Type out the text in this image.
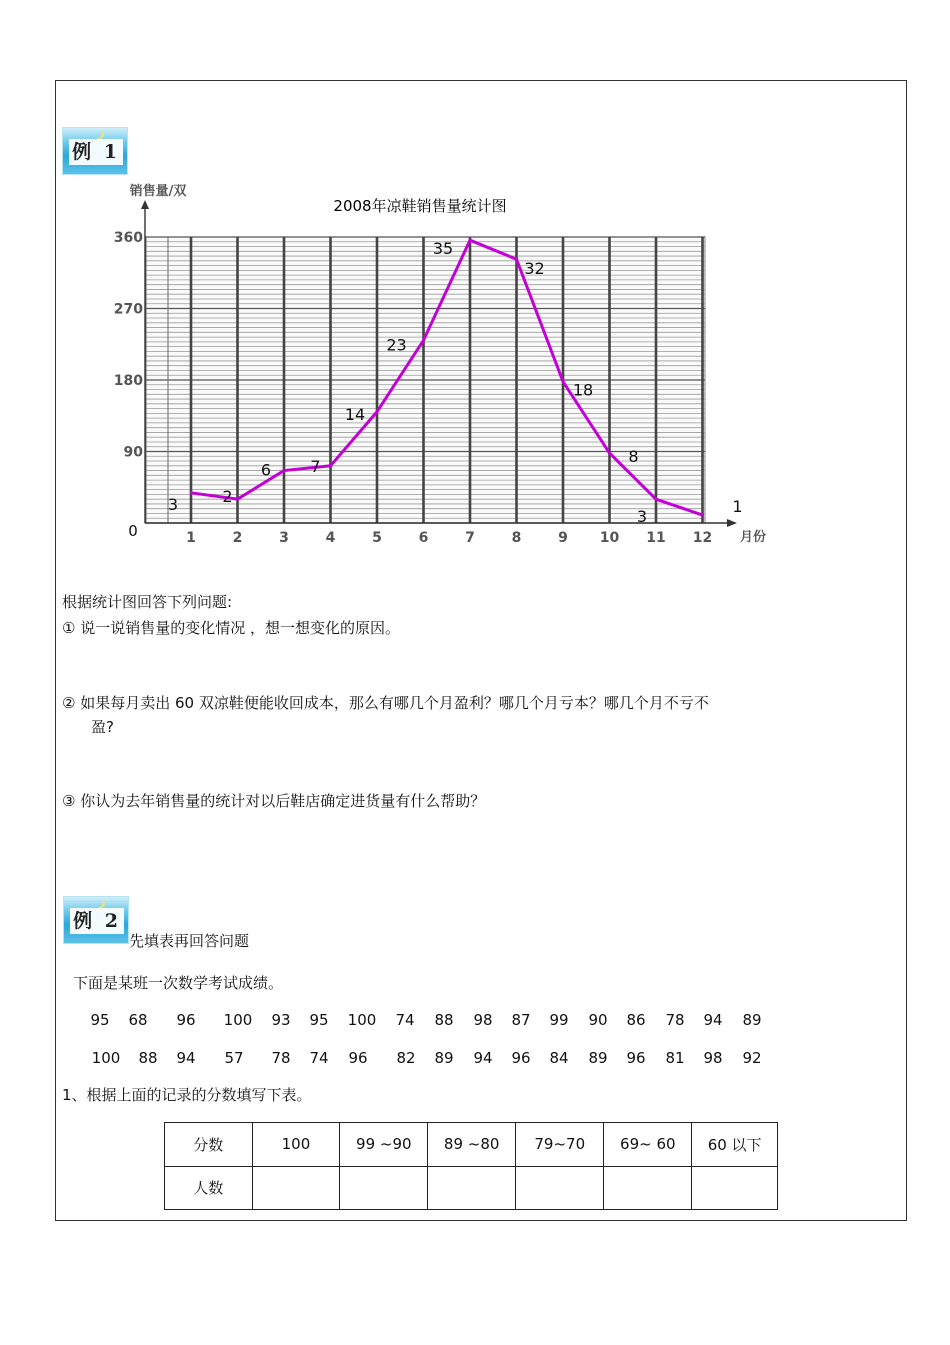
例 1
0
90
180
270
360
1	2	3	4	5	6	7	8	9 10 11 12
3	2
6 7
14
23
35
32
18
8
3
1
2008年凉鞋销售量统计图
销售量/双
月份
根据统计图回答下列问题:
① 说一说销售量的变化情况 ，想一想变化的原因。
② 如果每月卖出 60 双凉鞋便能收回成本，那么有哪几个月盈利？哪几个月亏本？哪几个月不亏不
盈?
③ 你认为去年销售量的统计对以后鞋店确定进货量有什么帮助？
例 2
先填表再回答问题
下面是某班一次数学考试成绩。
95 68 96 100 93 95 100 74 88 98 87 99 90 86 78 94 89
100 88 94 57 78 74 96 82 89 94 96 84 89 96 81 98 92
1、根据上面的记录的分数填写下表。
分数	100	99 ~90	89 ~80	79~70	69~ 60	60 以下
人数						
